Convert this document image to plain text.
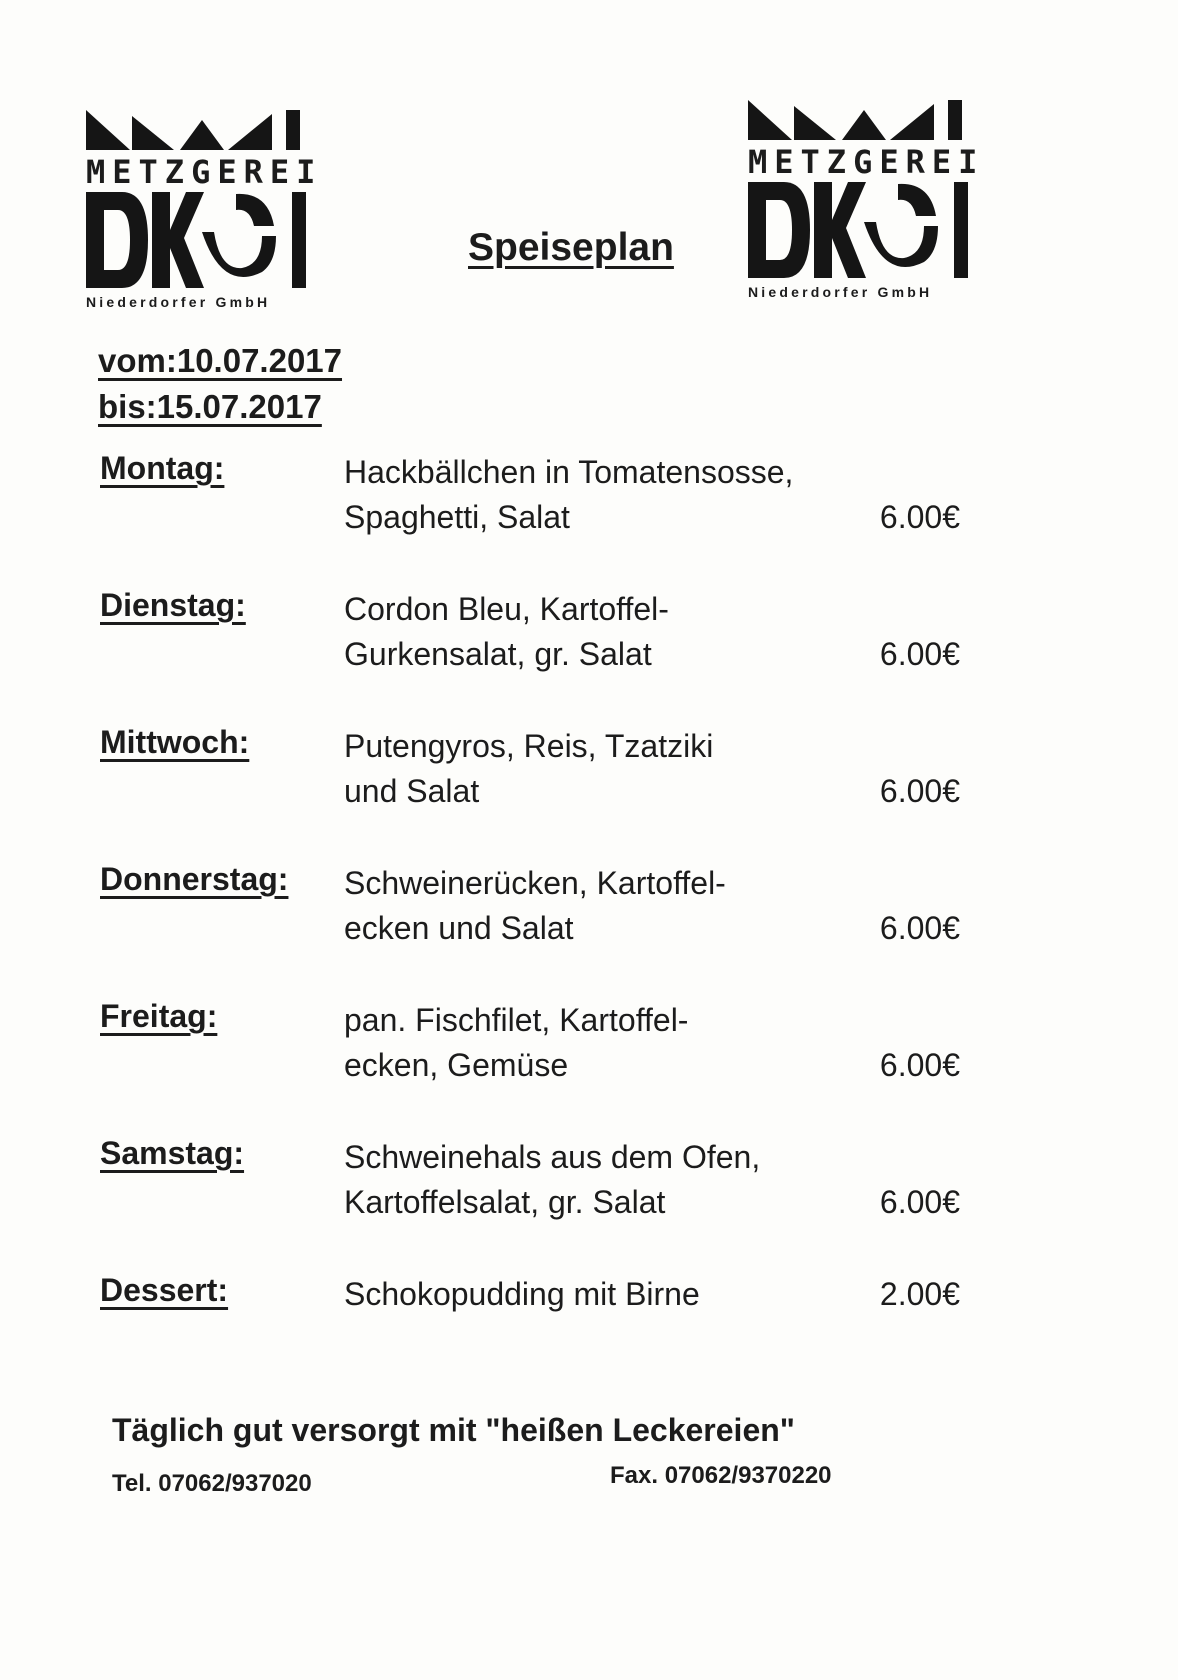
METZGEREI
Niederdorfer GmbH
Speiseplan
METZGEREI
Niederdorfer GmbH
vom:10.07.2017
bis:15.07.2017
Montag:	Hackbällchen in Tomatensosse,
Spaghetti, Salat	6.00€
Dienstag:	Cordon Bleu, Kartoffel-
Gurkensalat, gr. Salat	6.00€
Mittwoch:	Putengyros, Reis, Tzatziki
und Salat	6.00€
Donnerstag: Schweinerücken, Kartoffel-
ecken und Salat	6.00€
Freitag:	pan. Fischfilet, Kartoffel-
ecken, Gemüse	6.00€
Samstag:	Schweinehals aus dem Ofen,
Kartoffelsalat, gr. Salat	6.00€
Dessert:	Schokopudding mit Birne	2.00€
Täglich gut versorgt mit "heißen Leckereien"
Tel. 07062/937020	Fax. 07062/9370220
